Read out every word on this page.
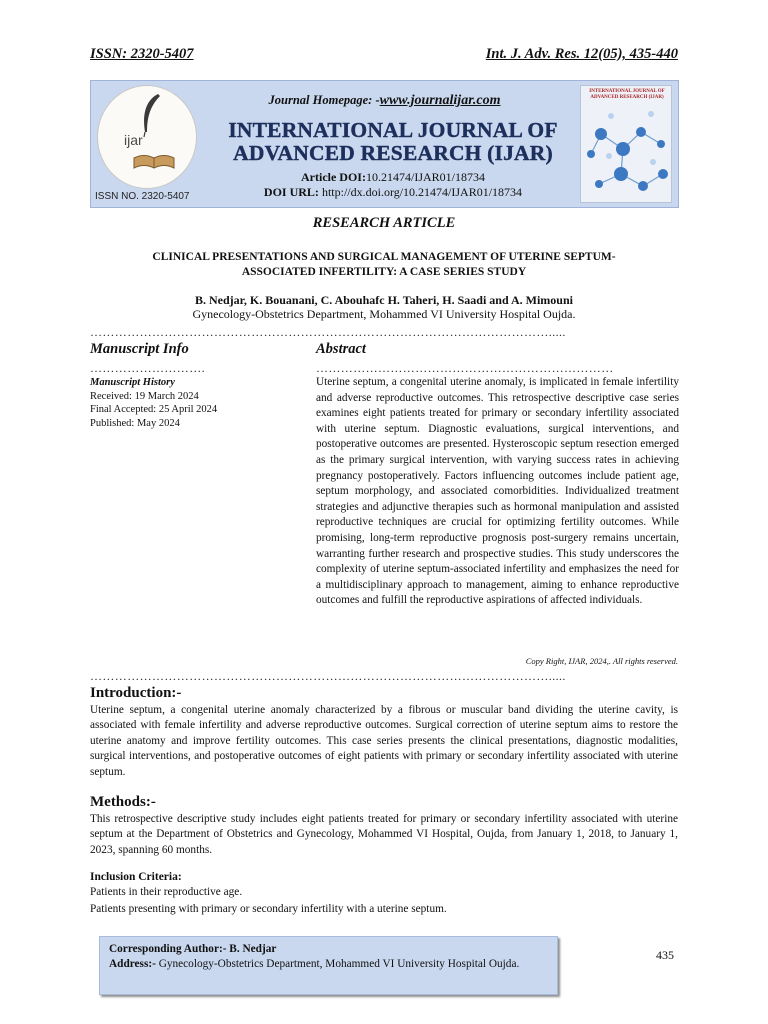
ISSN: 2320-5407	Int. J. Adv. Res. 12(05), 435-440
ijar
ISSN NO. 2320-5407
Journal Homepage: -www.journalijar.com
INTERNATIONAL JOURNAL OF
ADVANCED RESEARCH (IJAR)
Article DOI:10.21474/IJAR01/18734
DOI URL: http://dx.doi.org/10.21474/IJAR01/18734
INTERNATIONAL JOURNAL OF ADVANCED RESEARCH (IJAR)
RESEARCH ARTICLE
CLINICAL PRESENTATIONS AND SURGICAL MANAGEMENT OF UTERINE SEPTUM-
ASSOCIATED INFERTILITY: A CASE SERIES STUDY
B. Nedjar, K. Bouanani, C. Abouhafc H. Taheri, H. Saadi and A. Mimouni
Gynecology-Obstetrics Department, Mohammed VI University Hospital Oujda.
………………………………………………………………………………………………….....
Manuscript Info	Abstract
……………………….	………………………………………………………………
Manuscript History
Received: 19 March 2024
Final Accepted: 25 April 2024
Published: May 2024
Uterine septum, a congenital uterine anomaly, is implicated in female infertility and adverse reproductive outcomes. This retrospective descriptive case series examines eight patients treated for primary or secondary infertility associated with uterine septum. Diagnostic evaluations, surgical interventions, and postoperative outcomes are presented. Hysteroscopic septum resection emerged as the primary surgical intervention, with varying success rates in achieving pregnancy postoperatively. Factors influencing outcomes include patient age, septum morphology, and associated comorbidities. Individualized treatment strategies and adjunctive therapies such as hormonal manipulation and assisted reproductive techniques are crucial for optimizing fertility outcomes. While promising, long-term reproductive prognosis post-surgery remains uncertain, warranting further research and prospective studies. This study underscores the complexity of uterine septum-associated infertility and emphasizes the need for a multidisciplinary approach to management, aiming to enhance reproductive outcomes and fulfill the reproductive aspirations of affected individuals.
Copy Right, IJAR, 2024,. All rights reserved.
………………………………………………………………………………………………….....
Introduction:-
Uterine septum, a congenital uterine anomaly characterized by a fibrous or muscular band dividing the uterine cavity, is associated with female infertility and adverse reproductive outcomes. Surgical correction of uterine septum aims to restore the uterine anatomy and improve fertility outcomes. This case series presents the clinical presentations, diagnostic modalities, surgical interventions, and postoperative outcomes of eight patients with primary or secondary infertility associated with uterine septum.
Methods:-
This retrospective descriptive study includes eight patients treated for primary or secondary infertility associated with uterine septum at the Department of Obstetrics and Gynecology, Mohammed VI Hospital, Oujda, from January 1, 2018, to January 1, 2023, spanning 60 months.
Inclusion Criteria:
Patients in their reproductive age.
Patients presenting with primary or secondary infertility with a uterine septum.
Corresponding Author:- B. Nedjar
Address:- Gynecology-Obstetrics Department, Mohammed VI University Hospital Oujda.
435
